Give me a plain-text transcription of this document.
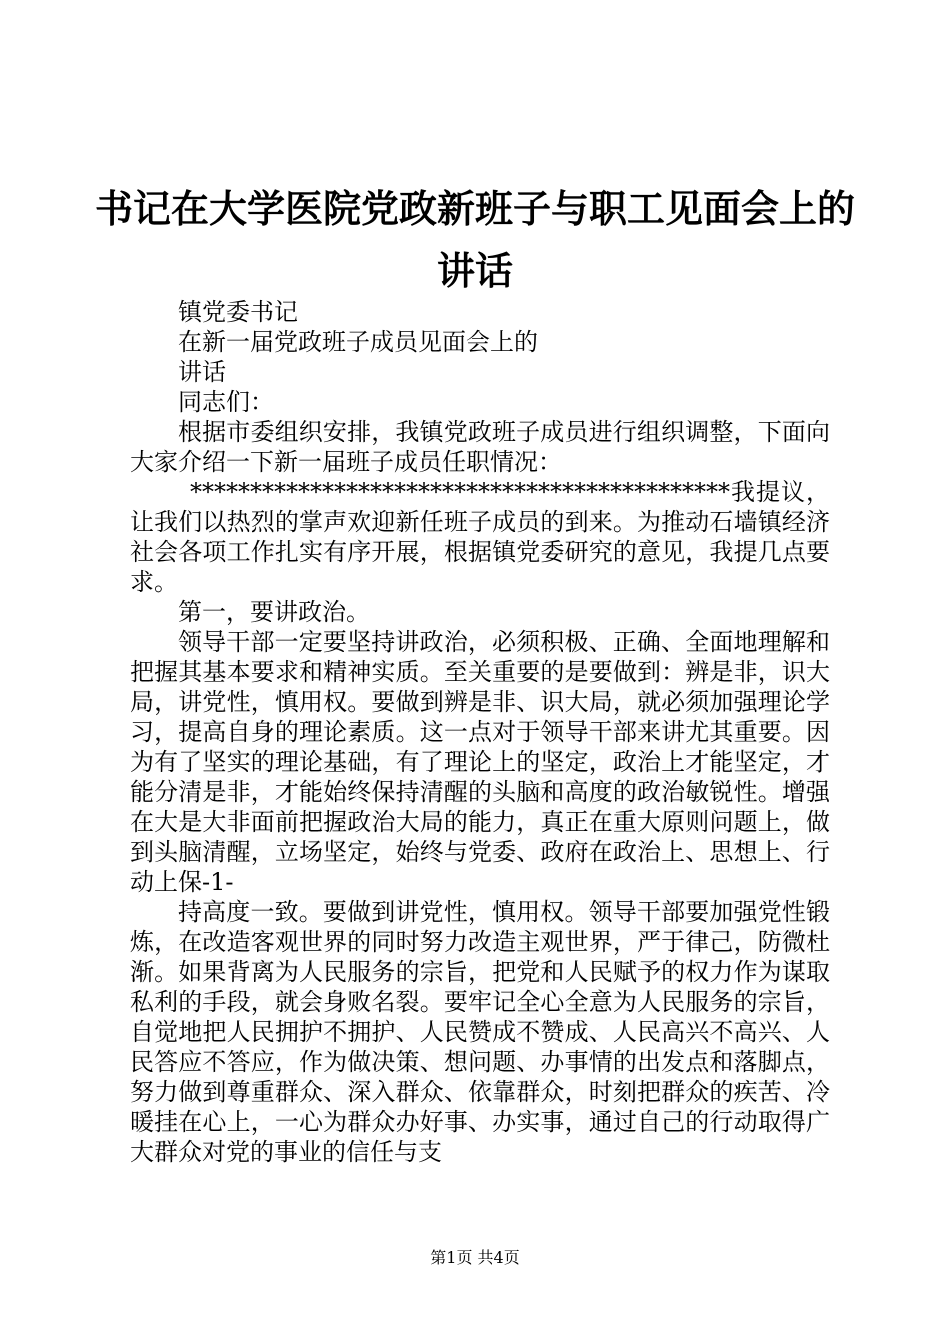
书记在大学医院党政新班子与职工见面会上的
讲话

镇党委书记

在新一届党政班子成员见面会上的

讲话

同志们：

根据市委组织安排，我镇党政班子成员进行组织调整，下面向大家介绍一下新一届班子成员任职情况：

*********************************************我提议，让我们以热烈的掌声欢迎新任班子成员的到来。为推动石墙镇经济社会各项工作扎实有序开展，根据镇党委研究的意见，我提几点要求。

第一，要讲政治。

领导干部一定要坚持讲政治，必须积极、正确、全面地理解和把握其基本要求和精神实质。至关重要的是要做到：辨是非，识大局，讲党性，慎用权。要做到辨是非、识大局，就必须加强理论学习，提高自身的理论素质。这一点对于领导干部来讲尤其重要。因为有了坚实的理论基础，有了理论上的坚定，政治上才能坚定，才能分清是非，才能始终保持清醒的头脑和高度的政治敏锐性。增强在大是大非面前把握政治大局的能力，真正在重大原则问题上，做到头脑清醒，立场坚定，始终与党委、政府在政治上、思想上、行动上保-1-

持高度一致。要做到讲党性，慎用权。领导干部要加强党性锻炼，在改造客观世界的同时努力改造主观世界，严于律己，防微杜渐。如果背离为人民服务的宗旨，把党和人民赋予的权力作为谋取私利的手段，就会身败名裂。要牢记全心全意为人民服务的宗旨，自觉地把人民拥护不拥护、人民赞成不赞成、人民高兴不高兴、人民答应不答应，作为做决策、想问题、办事情的出发点和落脚点，努力做到尊重群众、深入群众、依靠群众，时刻把群众的疾苦、冷暖挂在心上，一心为群众办好事、办实事，通过自己的行动取得广大群众对党的事业的信任与支

第1页 共4页
